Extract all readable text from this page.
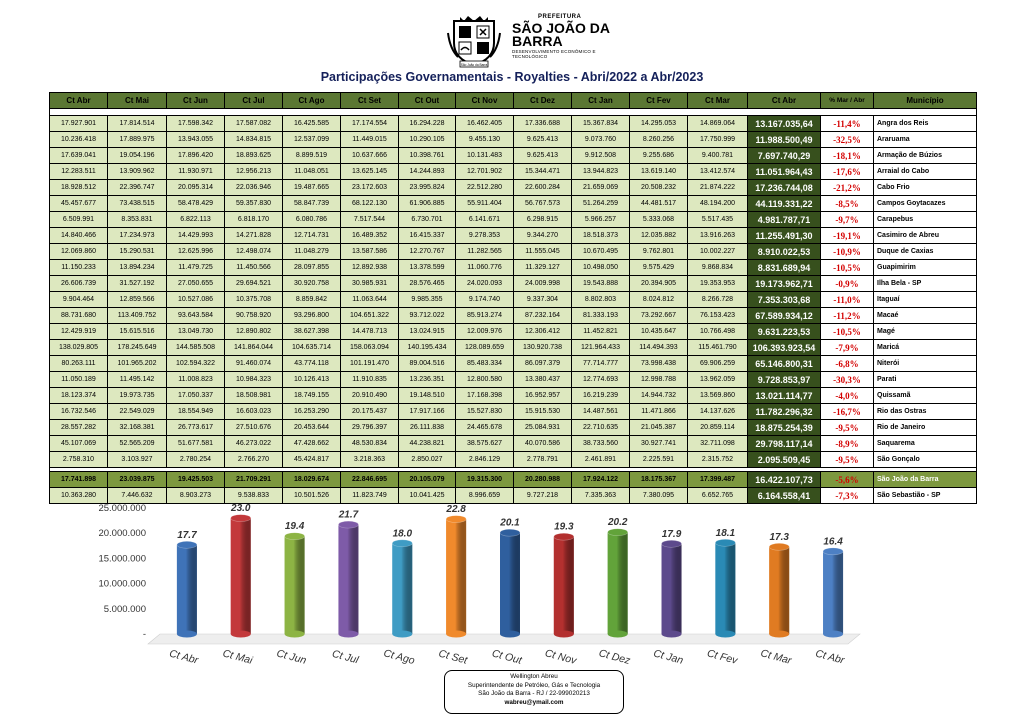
São João da Barra
PREFEITURA
SÃO JOÃO DA BARRA
DESENVOLVIMENTO ECONÔMICO E TECNOLÓGICO
Participações Governamentais - Royalties - Abri/2022 a Abr/2023
Ct Abr	Ct Mai	Ct Jun	Ct Jul	Ct Ago	Ct Set	Ct Out	Ct Nov	Ct Dez	Ct Jan	Ct Fev	Ct Mar	Ct Abr	% Mar / Abr	Município

17.927.901	17.814.514	17.598.342	17.587.082	16.425.585	17.174.554	16.294.228	16.462.405	17.336.688	15.367.834	14.295.053	14.869.064	13.167.035,64	-11,4%	Angra dos Reis
10.236.418	17.889.975	13.943.055	14.834.815	12.537.099	11.449.015	10.290.105	9.455.130	9.625.413	9.073.760	8.260.256	17.750.999	11.988.500,49	-32,5%	Araruama
17.639.041	19.054.196	17.896.420	18.893.625	8.899.519	10.637.666	10.398.761	10.131.483	9.625.413	9.912.508	9.255.686	9.400.781	7.697.740,29	-18,1%	Armação de Búzios
12.283.511	13.909.962	11.930.971	12.956.213	11.048.051	13.625.145	14.244.893	12.701.902	15.344.471	13.944.823	13.619.140	13.412.574	11.051.964,43	-17,6%	Arraial do Cabo
18.928.512	22.396.747	20.095.314	22.036.946	19.487.665	23.172.603	23.995.824	22.512.280	22.600.284	21.659.069	20.508.232	21.874.222	17.236.744,08	-21,2%	Cabo Frio
45.457.677	73.438.515	58.478.429	59.357.830	58.847.739	68.122.130	61.906.885	55.911.404	56.767.573	51.264.259	44.481.517	48.194.200	44.119.331,22	-8,5%	Campos Goytacazes
6.509.991	8.353.831	6.822.113	6.818.170	6.080.786	7.517.544	6.730.701	6.141.671	6.298.915	5.966.257	5.333.068	5.517.435	4.981.787,71	-9,7%	Carapebus
14.840.466	17.234.973	14.429.993	14.271.828	12.714.731	16.489.352	16.415.337	9.278.353	9.344.270	18.518.373	12.035.882	13.916.263	11.255.491,30	-19,1%	Casimiro de Abreu
12.069.860	15.290.531	12.625.996	12.498.074	11.048.279	13.587.586	12.270.767	11.282.565	11.555.045	10.670.495	9.762.801	10.002.227	8.910.022,53	-10,9%	Duque de Caxias
11.150.233	13.894.234	11.479.725	11.450.566	28.097.855	12.892.938	13.378.599	11.060.776	11.329.127	10.498.050	9.575.429	9.868.834	8.831.689,94	-10,5%	Guapimirim
26.606.739	31.527.192	27.050.655	29.694.521	30.920.758	30.985.931	28.576.465	24.020.093	24.009.998	19.543.888	20.394.905	19.353.953	19.173.962,71	-0,9%	Ilha Bela - SP
9.904.464	12.859.566	10.527.086	10.375.708	8.859.842	11.063.644	9.985.355	9.174.740	9.337.304	8.802.803	8.024.812	8.266.728	7.353.303,68	-11,0%	Itaguaí
88.731.680	113.409.752	93.643.584	90.758.920	93.296.800	104.651.322	93.712.022	85.913.274	87.232.164	81.333.193	73.292.667	76.153.423	67.589.934,12	-11,2%	Macaé
12.429.919	15.615.516	13.049.730	12.890.802	38.627.398	14.478.713	13.024.915	12.009.976	12.306.412	11.452.821	10.435.647	10.766.498	9.631.223,53	-10,5%	Magé
138.029.805	178.245.649	144.585.508	141.864.044	104.635.714	158.063.094	140.195.434	128.089.659	130.920.738	121.964.433	114.494.393	115.461.790	106.393.923,54	-7,9%	Maricá
80.263.111	101.965.202	102.594.322	91.460.074	43.774.118	101.191.470	89.004.516	85.483.334	86.097.379	77.714.777	73.998.438	69.906.259	65.146.800,31	-6,8%	Niterói
11.050.189	11.495.142	11.008.823	10.984.323	10.126.413	11.910.835	13.236.351	12.800.580	13.380.437	12.774.693	12.998.788	13.962.059	9.728.853,97	-30,3%	Parati
18.123.374	19.973.735	17.050.337	18.508.981	18.749.155	20.910.490	19.148.510	17.168.398	16.952.957	16.219.239	14.944.732	13.569.860	13.021.114,77	-4,0%	Quissamã
16.732.546	22.549.029	18.554.949	16.603.023	16.253.290	20.175.437	17.917.166	15.527.830	15.915.530	14.487.561	11.471.866	14.137.626	11.782.296,32	-16,7%	Rio das Ostras
28.557.282	32.168.381	26.773.617	27.510.676	20.453.644	29.796.397	26.111.838	24.465.678	25.084.931	22.710.635	21.045.387	20.859.114	18.875.254,39	-9,5%	Rio de Janeiro
45.107.069	52.565.209	51.677.581	46.273.022	47.428.662	48.530.834	44.238.821	38.575.627	40.070.586	38.733.560	30.927.741	32.711.098	29.798.117,14	-8,9%	Saquarema
2.758.310	3.103.927	2.780.254	2.766.270	45.424.817	3.218.363	2.850.027	2.846.129	2.778.791	2.461.891	2.225.591	2.315.752	2.095.509,45	-9,5%	São Gonçalo

17.741.898	23.039.875	19.425.503	21.709.291	18.029.674	22.846.695	20.105.079	19.315.300	20.280.988	17.924.122	18.175.367	17.399.487	16.422.107,73	-5,6%	São João da Barra
10.363.280	7.446.632	8.903.273	9.538.833	10.501.526	11.823.749	10.041.425	8.996.659	9.727.218	7.335.363	7.380.095	6.652.765	6.164.558,41	-7,3%	São Sebastião - SP
25.000.000
20.000.000
15.000.000
10.000.000
5.000.000
-
17.7
Ct Abr
23.0
Ct Mai
19.4
Ct Jun
21.7
Ct Jul
18.0
Ct Ago
22.8
Ct Set
20.1
Ct Out
19.3
Ct Nov
20.2
Ct Dez
17.9
Ct Jan
18.1
Ct Fev
17.3
Ct Mar
16.4
Ct Abr
Wellington Abreu
Superintendente de Petróleo, Gás e Tecnologia
São João da Barra - RJ / 22-999020213
wabreu@ymail.com
